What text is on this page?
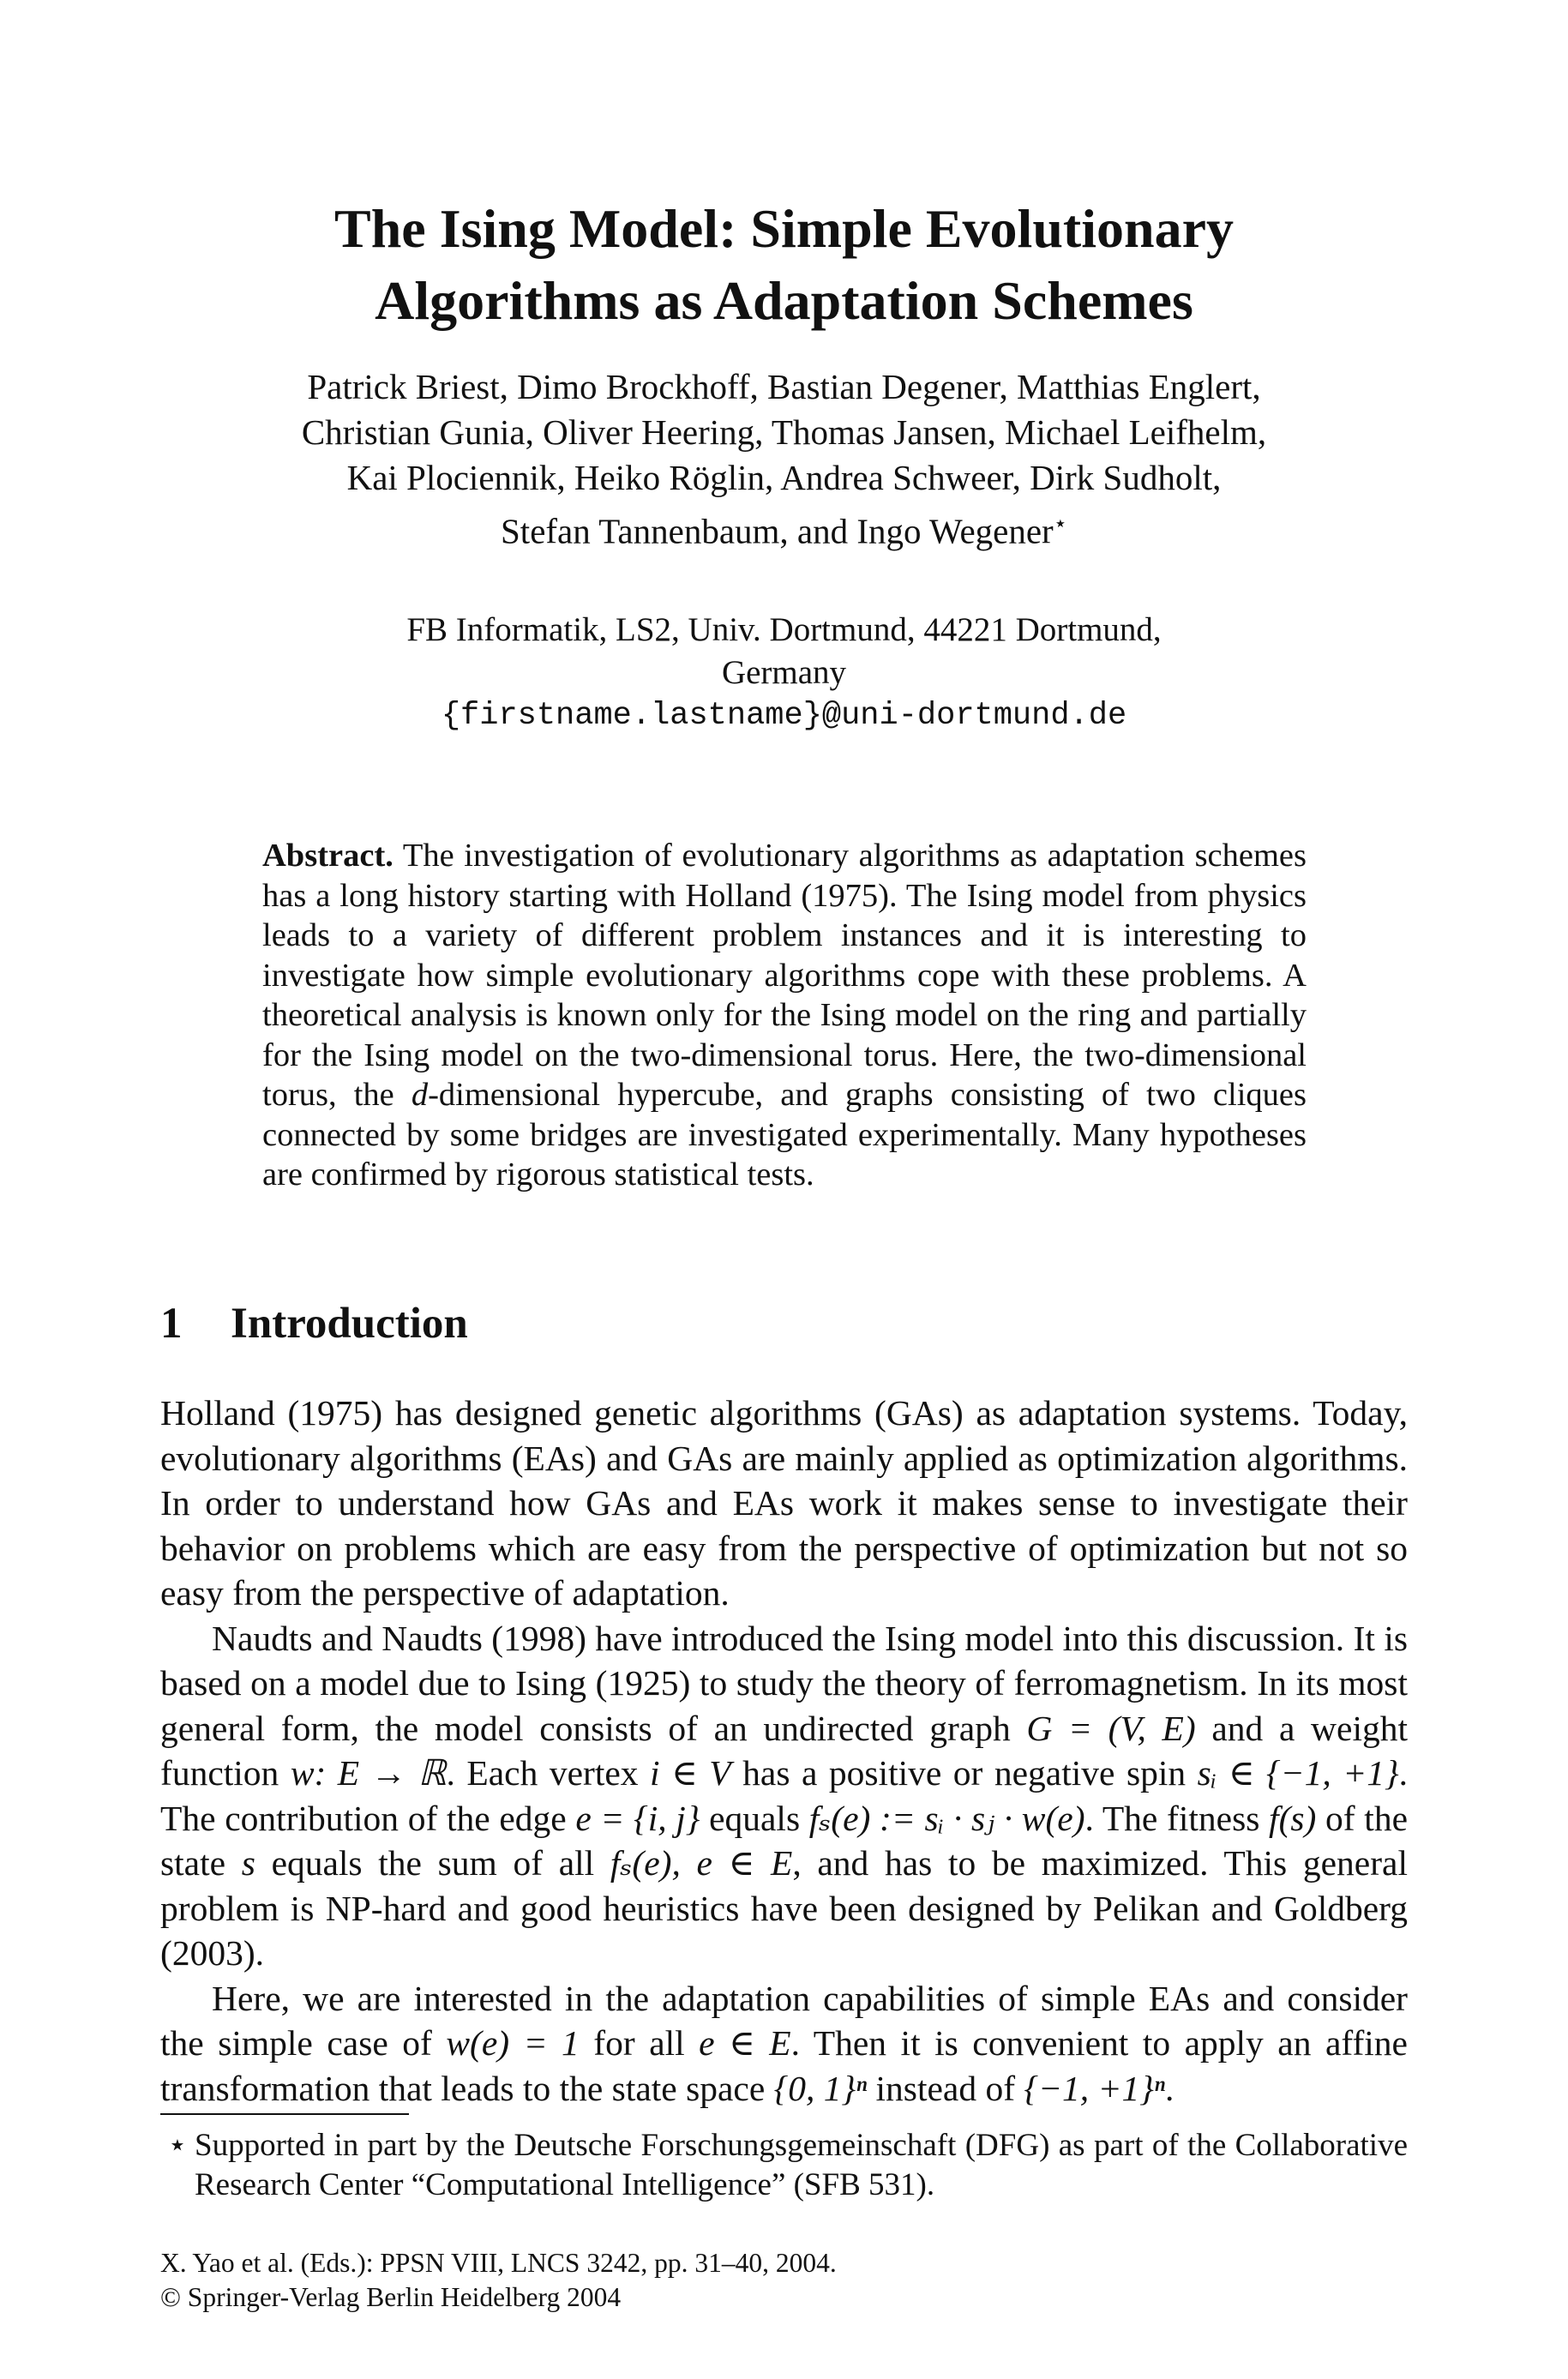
The Ising Model: Simple Evolutionary
Algorithms as Adaptation Schemes
Patrick Briest, Dimo Brockhoff, Bastian Degener, Matthias Englert,
Christian Gunia, Oliver Heering, Thomas Jansen, Michael Leifhelm,
Kai Plociennik, Heiko Röglin, Andrea Schweer, Dirk Sudholt,
Stefan Tannenbaum, and Ingo Wegener⋆
FB Informatik, LS2, Univ. Dortmund, 44221 Dortmund,
Germany
{firstname.lastname}@uni-dortmund.de
Abstract. The investigation of evolutionary algorithms as adaptation schemes has a long history starting with Holland (1975). The Ising model from physics leads to a variety of different problem instances and it is interesting to investigate how simple evolutionary algorithms cope with these problems. A theoretical analysis is known only for the Ising model on the ring and partially for the Ising model on the two-dimensional torus. Here, the two-dimensional torus, the d-dimensional hypercube, and graphs consisting of two cliques connected by some bridges are investigated experimentally. Many hypotheses are confirmed by rigorous statistical tests.
1 Introduction

Holland (1975) has designed genetic algorithms (GAs) as adaptation systems. Today, evolutionary algorithms (EAs) and GAs are mainly applied as optimization algorithms. In order to understand how GAs and EAs work it makes sense to investigate their behavior on problems which are easy from the perspective of optimization but not so easy from the perspective of adaptation.

Naudts and Naudts (1998) have introduced the Ising model into this discussion. It is based on a model due to Ising (1925) to study the theory of ferromagnetism. In its most general form, the model consists of an undirected graph G = (V, E) and a weight function w: E → ℝ. Each vertex i ∈ V has a positive or negative spin sᵢ ∈ {−1, +1}. The contribution of the edge e = {i, j} equals fₛ(e) := sᵢ · sⱼ · w(e). The fitness f(s) of the state s equals the sum of all fₛ(e), e ∈ E, and has to be maximized. This general problem is NP-hard and good heuristics have been designed by Pelikan and Goldberg (2003).

Here, we are interested in the adaptation capabilities of simple EAs and consider the simple case of w(e) = 1 for all e ∈ E. Then it is convenient to apply an affine transformation that leads to the state space {0, 1}ⁿ instead of {−1, +1}ⁿ.

⋆ Supported in part by the Deutsche Forschungsgemeinschaft (DFG) as part of the Collaborative Research Center “Computational Intelligence” (SFB 531).
X. Yao et al. (Eds.): PPSN VIII, LNCS 3242, pp. 31–40, 2004.
© Springer-Verlag Berlin Heidelberg 2004
